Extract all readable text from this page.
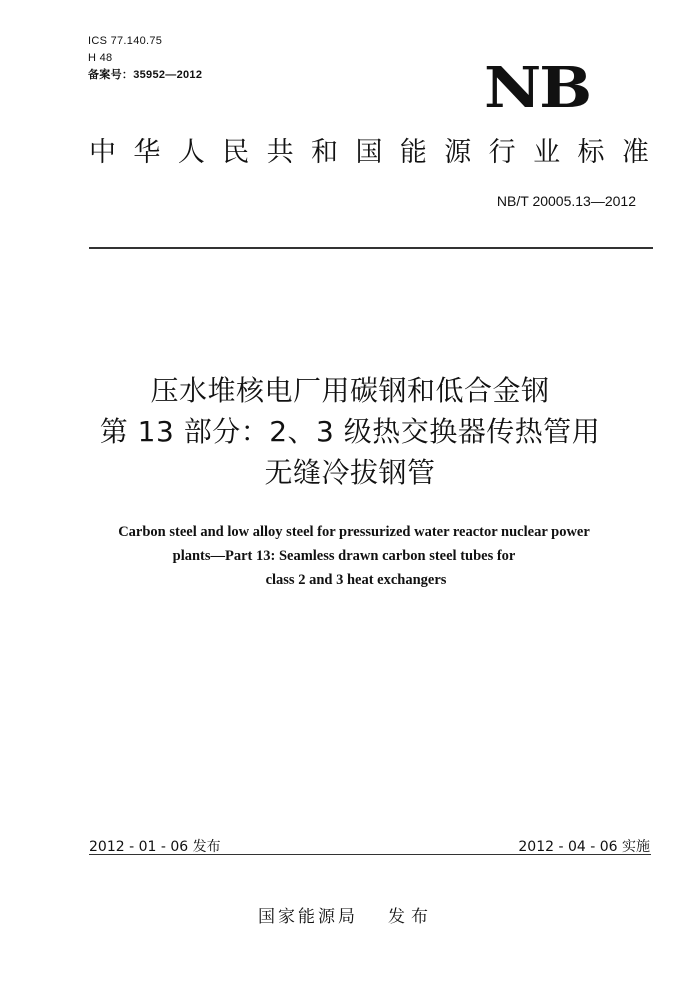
ICS 77.140.75
H 48
备案号：35952—2012	NB
中 华 人 民 共 和 国 能 源 行 业 标 准
NB/T 20005.13—2012
压水堆核电厂用碳钢和低合金钢
第 13 部分：2、3 级热交换器传热管用
无缝冷拔钢管
Carbon steel and low alloy steel for pressurized water reactor nuclear power
plants—Part 13: Seamless drawn carbon steel tubes for
class 2 and 3 heat exchangers
2012 - 01 - 06 发布	2012 - 04 - 06 实施
国家能源局 发布
